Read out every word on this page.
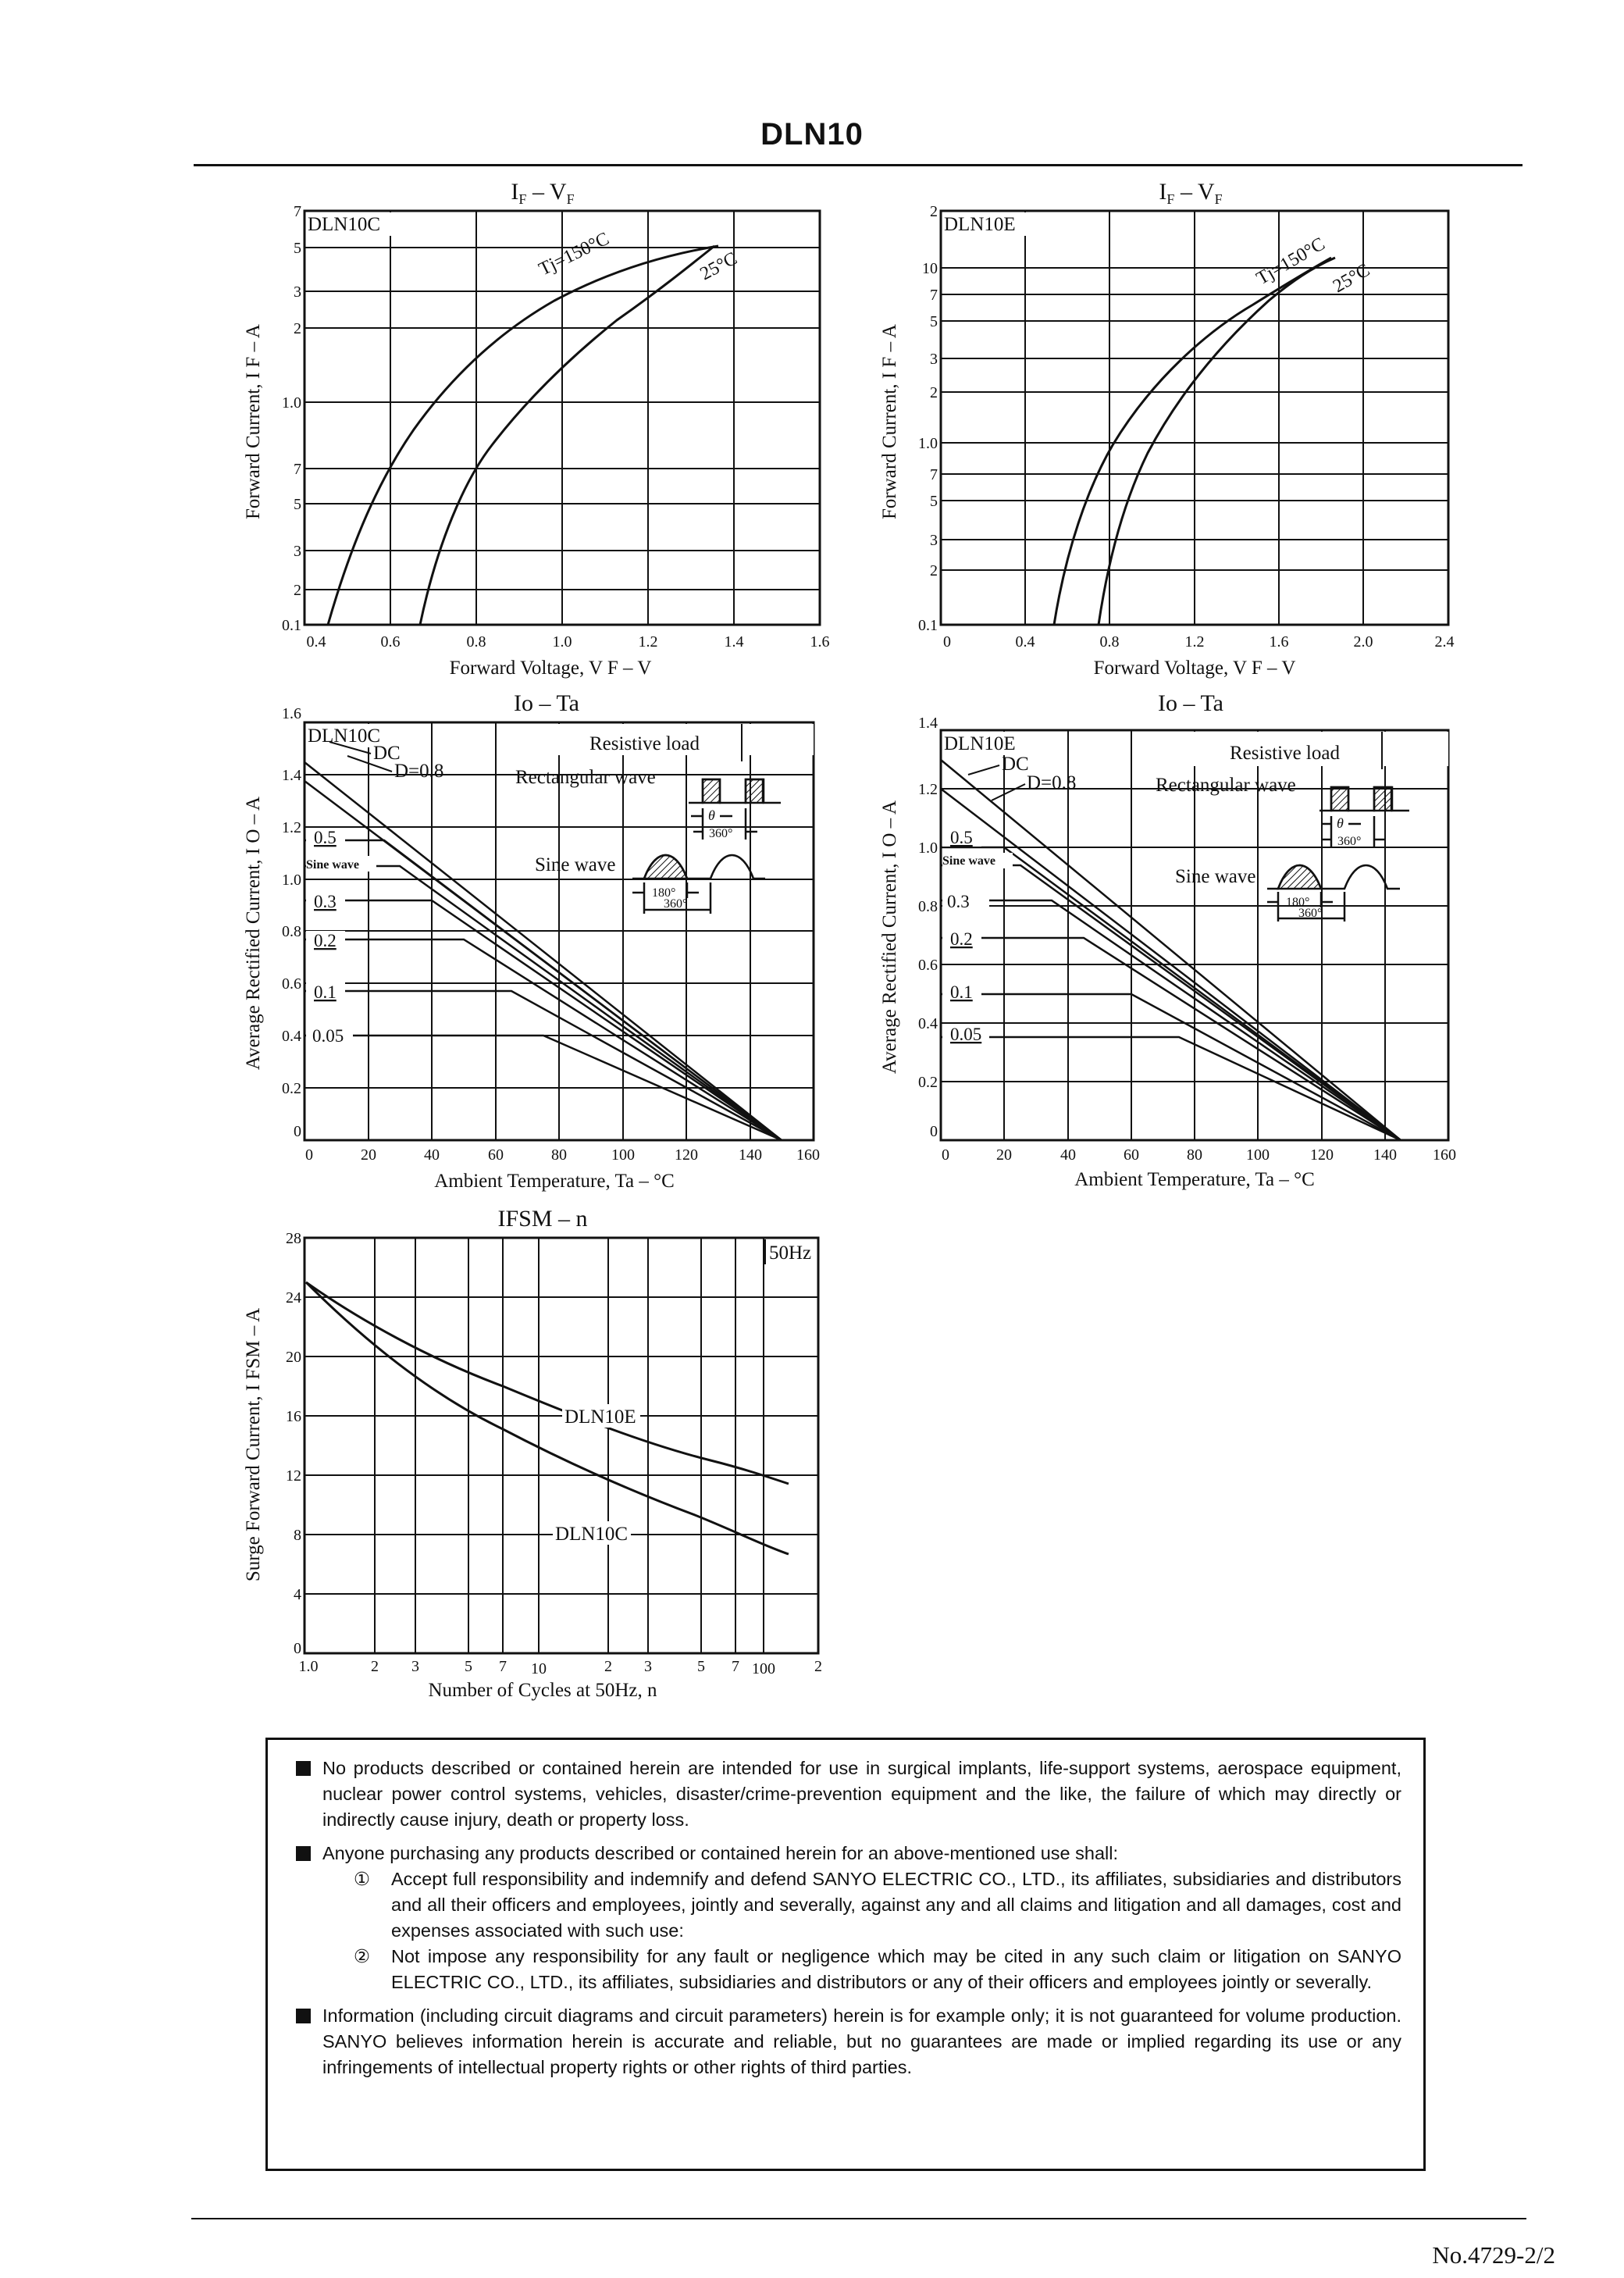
DLN10
$I_F - V_F$
7
5
3
2
1.0
7
5
3
2
0.1
0.4	0.6	0.8	1.0	1.2	1.4	1.6
Forward Voltage, V F – V
Forward Current, I F – A
DLN10C
Tj=150°C	25°C
$I_F - V_F$
2
10
7
5
3
2
1.0
7
5
3
2
0.1
0	0.4	0.8	1.2	1.6	2.0	2.4
Forward Voltage, V F – V
Forward Current, I F – A
DLN10E
Tj=150°C 25°C
Io – Ta
1.6
1.4
1.2
1.0
0.8
0.6
0.4
0.2
0
0	20	40	60	80	100	120	140 160
Ambient Temperature, Ta – °C
Average Rectified Current, I O – A
DLN10C	Resistive load
Rectangular wave
θ
360°
Sine wave
180°
360°
DC
D=0.8
0.5
Sine wave
0.3
0.2
0.1
0.05
Io – Ta
1.4
1.2
1.0
0.8
0.6
0.4
0.2
0
0	20	40	60	80	100	120	140 160
Ambient Temperature, Ta – °C
Average Rectified Current, I O – A
DLN10E	Resistive load
Rectangular wave
θ
360°
Sine wave
180°
360°
DC
D=0.8
0.5
Sine wave
0.3
0.2
0.1
0.05
IFSM – n
28
24
20
16
12
8
4
0
1.0	2 3	5 7 10	2 3	5 7 100	2
Number of Cycles at 50Hz, n
Surge Forward Current, I FSM – A
50Hz
DLN10E
DLN10C
No products described or contained herein are intended for use in surgical implants, life-support systems, aerospace equipment, nuclear power control systems, vehicles, disaster/crime-prevention equipment and the like, the failure of which may directly or indirectly cause injury, death or property loss.
Anyone purchasing any products described or contained herein for an above-mentioned use shall:
① Accept full responsibility and indemnify and defend SANYO ELECTRIC CO., LTD., its affiliates, subsidiaries and distributors and all their officers and employees, jointly and severally, against any and all claims and litigation and all damages, cost and expenses associated with such use:
② Not impose any responsibility for any fault or negligence which may be cited in any such claim or litigation on SANYO ELECTRIC CO., LTD., its affiliates, subsidiaries and distributors or any of their officers and employees jointly or severally.
Information (including circuit diagrams and circuit parameters) herein is for example only; it is not guaranteed for volume production. SANYO believes information herein is accurate and reliable, but no guarantees are made or implied regarding its use or any infringements of intellectual property rights or other rights of third parties.
No.4729-2/2
